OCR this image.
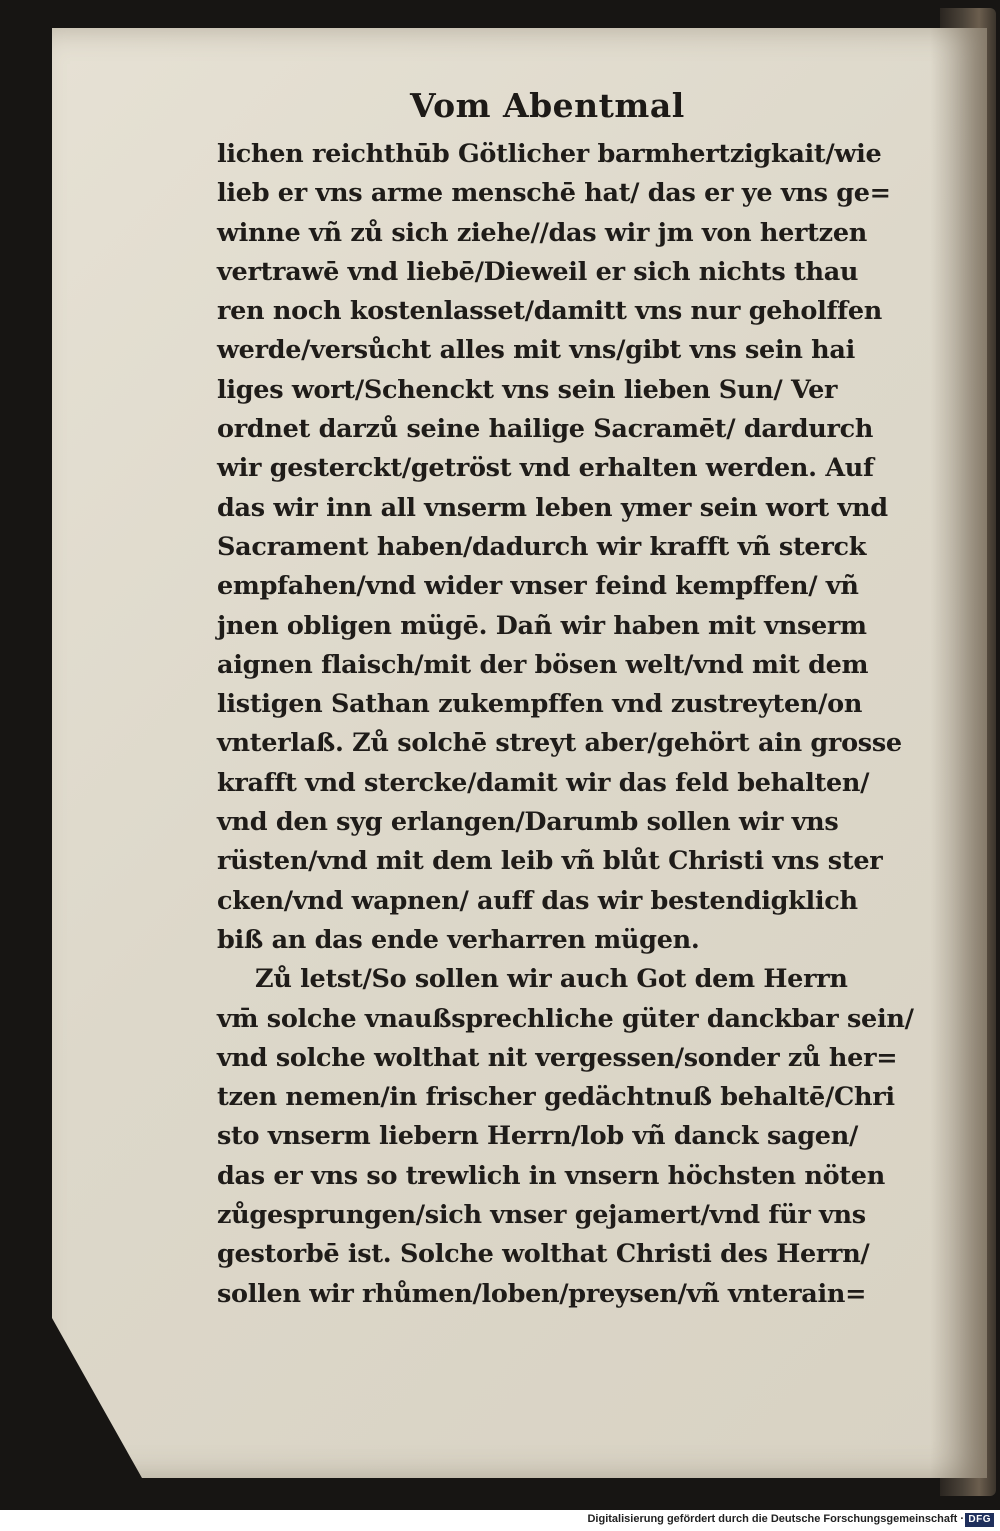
Vom Abentmal
lichen reichthūb Götlicher barmhertzigkait/wie
lieb er vns arme menschē hat/ das er ye vns ge=
winne vñ zů sich ziehe//das wir jm von hertzen
vertrawē vnd liebē/Dieweil er sich nichts thau
ren noch kostenlasset/damitt vns nur geholffen
werde/versůcht alles mit vns/gibt vns sein hai
liges wort/Schenckt vns sein lieben Sun/ Ver
ordnet darzů seine hailige Sacramēt/ dardurch
wir gesterckt/getröst vnd erhalten werden. Auf
das wir inn all vnserm leben ymer sein wort vnd
Sacrament haben/dadurch wir krafft vñ sterck
empfahen/vnd wider vnser feind kempffen/ vñ
jnen obligen mügē. Dañ wir haben mit vnserm
aignen flaisch/mit der bösen welt/vnd mit dem
listigen Sathan zukempffen vnd zustreyten/on
vnterlaß. Zů solchē streyt aber/gehört ain grosse
krafft vnd stercke/damit wir das feld behalten/
vnd den syg erlangen/Darumb sollen wir vns
rüsten/vnd mit dem leib vñ blůt Christi vns ster
cken/vnd wapnen/ auff das wir bestendigklich
biß an das ende verharren mügen.
Zů letst/So sollen wir auch Got dem Herrn
vm̄ solche vnaußsprechliche güter danckbar sein/
vnd solche wolthat nit vergessen/sonder zů her=
tzen nemen/in frischer gedächtnuß behaltē/Chri
sto vnserm liebern Herrn/lob vñ danck sagen/
das er vns so trewlich in vnsern höchsten nöten
zůgesprungen/sich vnser gejamert/vnd für vns
gestorbē ist. Solche wolthat Christi des Herrn/
sollen wir rhůmen/loben/preysen/vñ vnterain=
Digitalisierung gefördert durch die Deutsche Forschungsgemeinschaft · DFG
